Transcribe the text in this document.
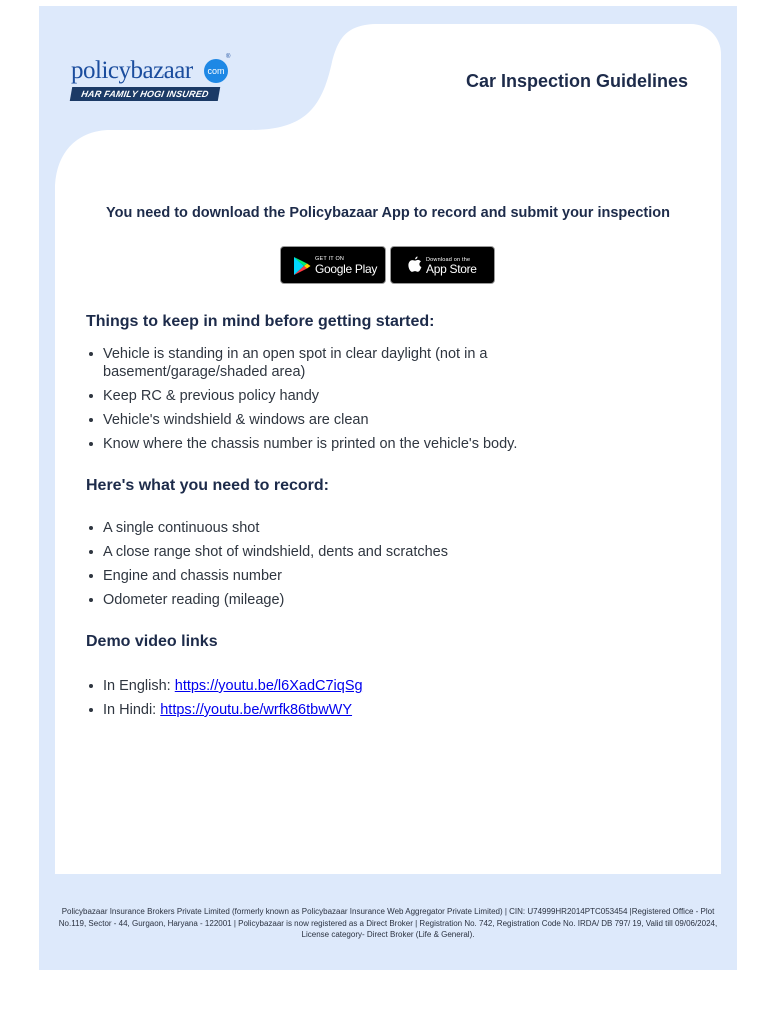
policybazaar	com
®
HAR FAMILY HOGI INSURED
Car Inspection Guidelines
You need to download the Policybazaar App to record and submit your inspection
GET IT ON
Google Play
Download on the
App Store
Things to keep in mind before getting started:
Vehicle is standing in an open spot in clear daylight (not in a basement/garage/shaded area)
Keep RC & previous policy handy
Vehicle's windshield & windows are clean
Know where the chassis number is printed on the vehicle's body.
Here's what you need to record:
A single continuous shot
A close range shot of windshield, dents and scratches
Engine and chassis number
Odometer reading (mileage)
Demo video links
In English: https://youtu.be/l6XadC7iqSg
In Hindi: https://youtu.be/wrfk86tbwWY
Policybazaar Insurance Brokers Private Limited (formerly known as Policybazaar Insurance Web Aggregator Private Limited) | CIN: U74999HR2014PTC053454 |Registered Office - Plot No.119, Sector - 44, Gurgaon, Haryana - 122001 | Policybazaar is now registered as a Direct Broker | Registration No. 742, Registration Code No. IRDA/ DB 797/ 19, Valid till 09/06/2024, License category- Direct Broker (Life & General).
